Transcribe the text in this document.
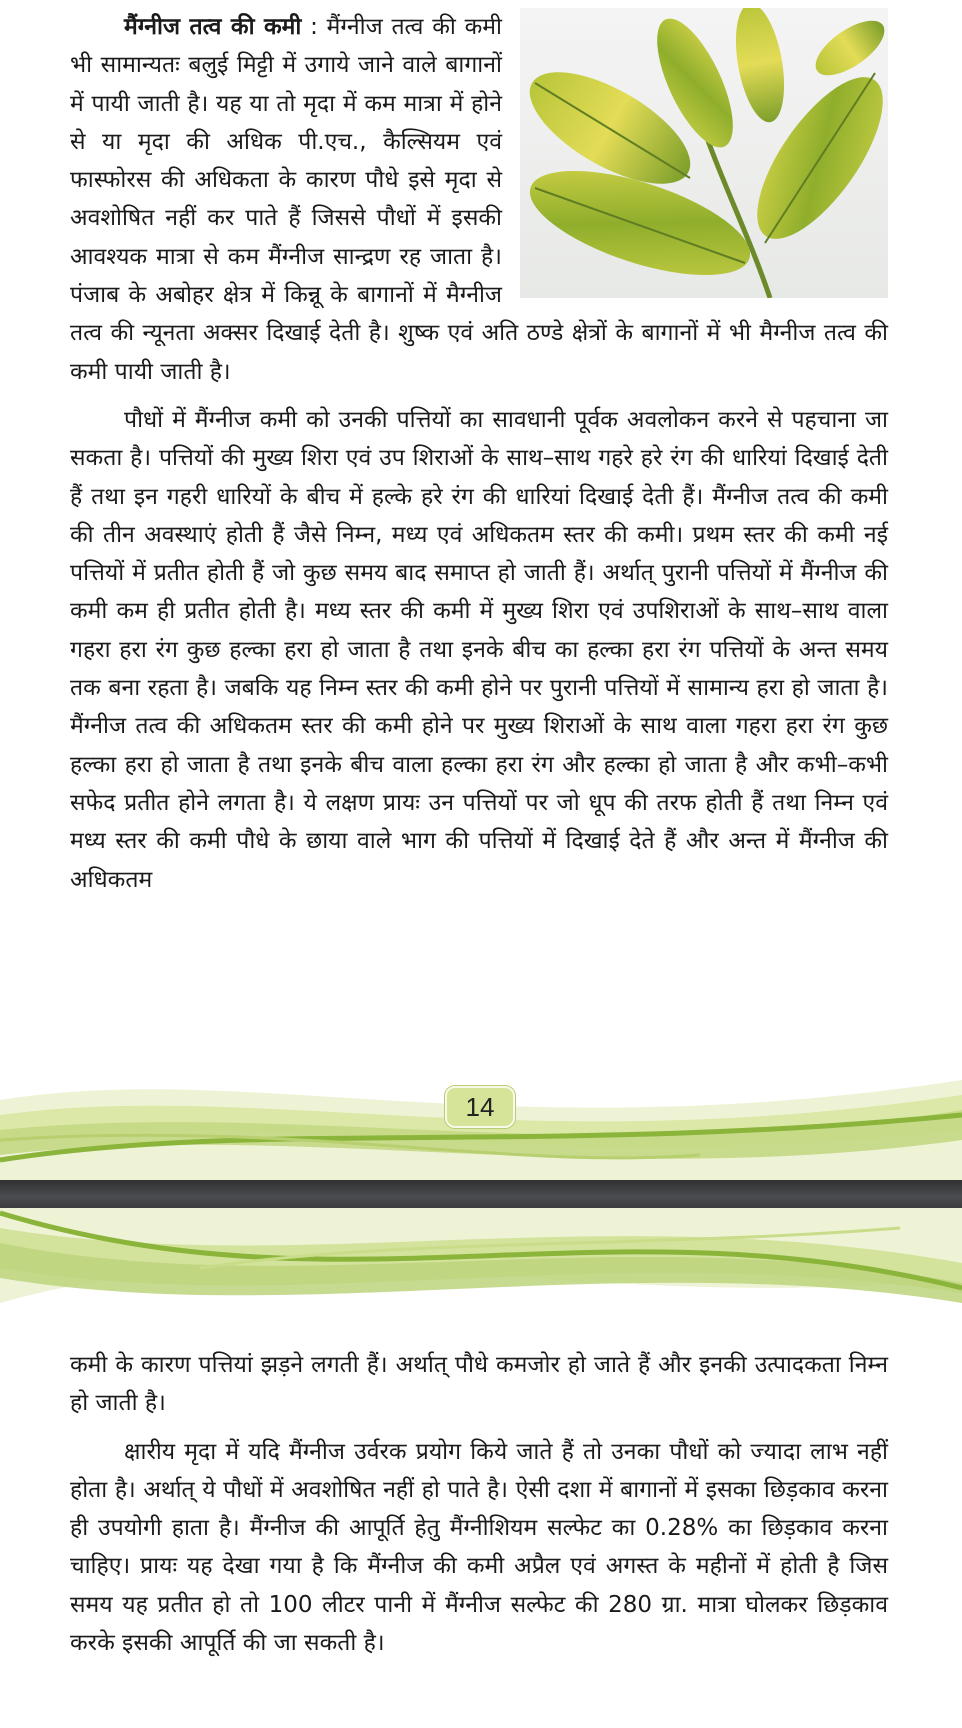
मैंग्नीज तत्व की कमी : मैंग्नीज तत्व की कमी भी सामान्यतः बलुई मिट्टी में उगाये जाने वाले बागानों में पायी जाती है। यह या तो मृदा में कम मात्रा में होने से या मृदा की अधिक पी.एच., कैल्सियम एवं फास्फोरस की अधिकता के कारण पौधे इसे मृदा से अवशोषित नहीं कर पाते हैं जिससे पौधों में इसकी आवश्यक मात्रा से कम मैंग्नीज सान्द्रण रह जाता है। पंजाब के अबोहर क्षेत्र में किन्नू के बागानों में मैग्नीज तत्व की न्यूनता अक्सर दिखाई देती है। शुष्क एवं अति ठण्डे क्षेत्रों के बागानों में भी मैग्नीज तत्व की कमी पायी जाती है।

पौधों में मैंग्नीज कमी को उनकी पत्तियों का सावधानी पूर्वक अवलोकन करने से पहचाना जा सकता है। पत्तियों की मुख्य शिरा एवं उप शिराओं के साथ–साथ गहरे हरे रंग की धारियां दिखाई देती हैं तथा इन गहरी धारियों के बीच में हल्के हरे रंग की धारियां दिखाई देती हैं। मैंग्नीज तत्व की कमी की तीन अवस्थाएं होती हैं जैसे निम्न, मध्य एवं अधिकतम स्तर की कमी। प्रथम स्तर की कमी नई पत्तियों में प्रतीत होती हैं जो कुछ समय बाद समाप्त हो जाती हैं। अर्थात् पुरानी पत्तियों में मैंग्नीज की कमी कम ही प्रतीत होती है। मध्य स्तर की कमी में मुख्य शिरा एवं उपशिराओं के साथ–साथ वाला गहरा हरा रंग कुछ हल्का हरा हो जाता है तथा इनके बीच का हल्का हरा रंग पत्तियों के अन्त समय तक बना रहता है। जबकि यह निम्न स्तर की कमी होने पर पुरानी पत्तियों में सामान्य हरा हो जाता है। मैंग्नीज तत्व की अधिकतम स्तर की कमी होने पर मुख्य शिराओं के साथ वाला गहरा हरा रंग कुछ हल्का हरा हो जाता है तथा इनके बीच वाला हल्का हरा रंग और हल्का हो जाता है और कभी–कभी सफेद प्रतीत होने लगता है। ये लक्षण प्रायः उन पत्तियों पर जो धूप की तरफ होती हैं तथा निम्न एवं मध्य स्तर की कमी पौधे के छाया वाले भाग की पत्तियों में दिखाई देते हैं और अन्त में मैंग्नीज की अधिकतम

14

कमी के कारण पत्तियां झड़ने लगती हैं। अर्थात् पौधे कमजोर हो जाते हैं और इनकी उत्पादकता निम्न हो जाती है।

क्षारीय मृदा में यदि मैंग्नीज उर्वरक प्रयोग किये जाते हैं तो उनका पौधों को ज्यादा लाभ नहीं होता है। अर्थात् ये पौधों में अवशोषित नहीं हो पाते है। ऐसी दशा में बागानों में इसका छिड़काव करना ही उपयोगी हाता है। मैंग्नीज की आपूर्ति हेतु मैंग्नीशियम सल्फेट का 0.28% का छिड़काव करना चाहिए। प्रायः यह देखा गया है कि मैंग्नीज की कमी अप्रैल एवं अगस्त के महीनों में होती है जिस समय यह प्रतीत हो तो 100 लीटर पानी में मैंग्नीज सल्फेट की 280 ग्रा. मात्रा घोलकर छिड़काव करके इसकी आपूर्ति की जा सकती है।
